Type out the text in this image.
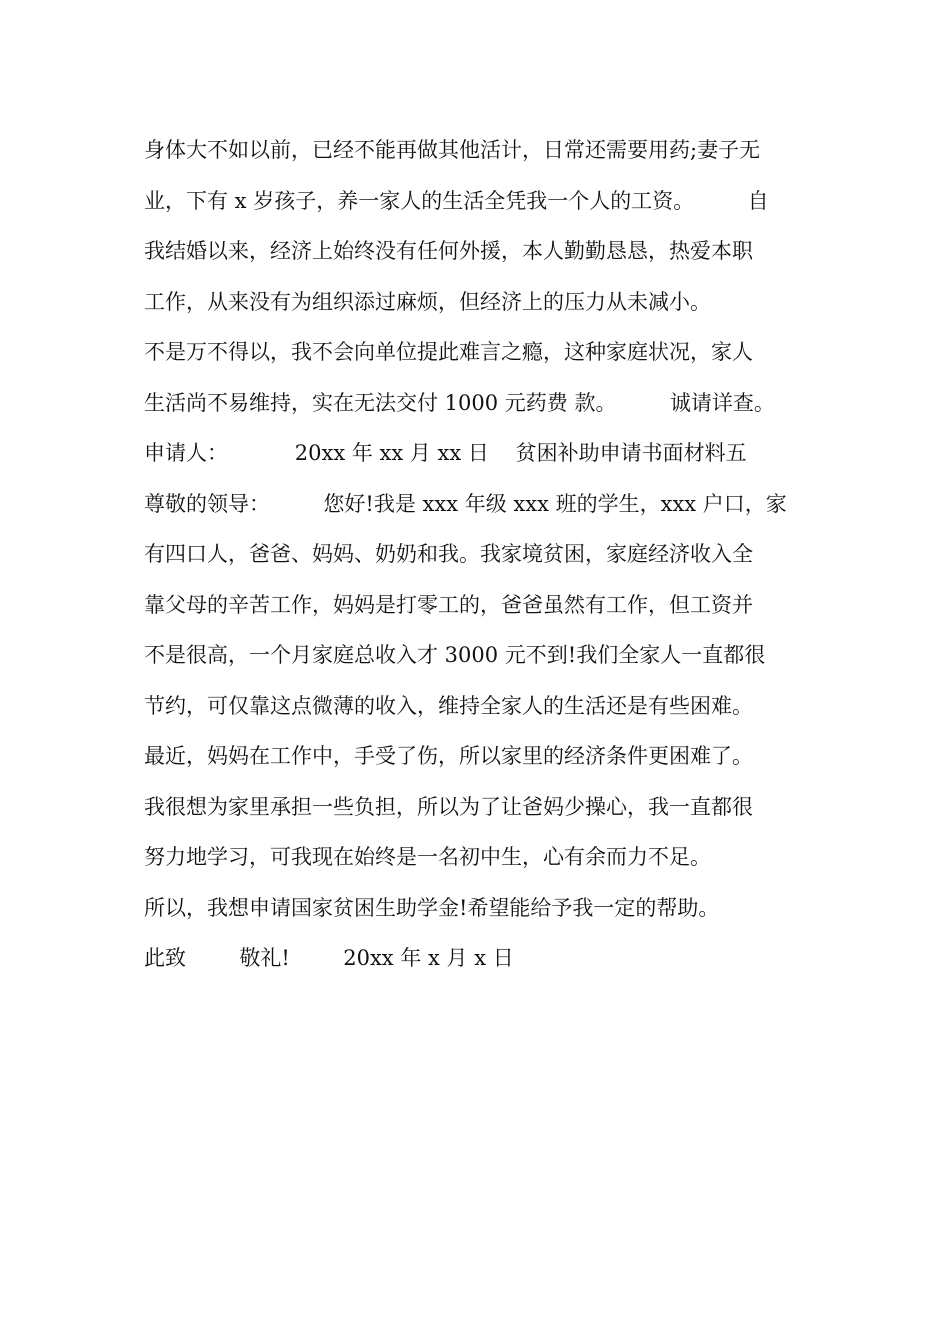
身体大不如以前，已经不能再做其他活计，日常还需要用药;妻子无
业，下有 x 岁孩子，养一家人的生活全凭我一个人的工资。        自
我结婚以来，经济上始终没有任何外援，本人勤勤恳恳，热爱本职
工作，从来没有为组织添过麻烦，但经济上的压力从未减小。
不是万不得以，我不会向单位提此难言之瘾，这种家庭状况，家人
生活尚不易维持，实在无法交付 1000 元药费 款。        诚请详查。
申请人：          20xx 年 xx 月 xx 日    贫困补助申请书面材料五
尊敬的领导：        您好!我是 xxx 年级 xxx 班的学生，xxx 户口，家
有四口人，爸爸、妈妈、奶奶和我。我家境贫困，家庭经济收入全
靠父母的辛苦工作，妈妈是打零工的，爸爸虽然有工作，但工资并
不是很高，一个月家庭总收入才 3000 元不到!我们全家人一直都很
节约，可仅靠这点微薄的收入，维持全家人的生活还是有些困难。
最近，妈妈在工作中，手受了伤，所以家里的经济条件更困难了。
我很想为家里承担一些负担，所以为了让爸妈少操心，我一直都很
努力地学习，可我现在始终是一名初中生，心有余而力不足。
所以，我想申请国家贫困生助学金!希望能给予我一定的帮助。
此致        敬礼!        20xx 年 x 月 x 日
